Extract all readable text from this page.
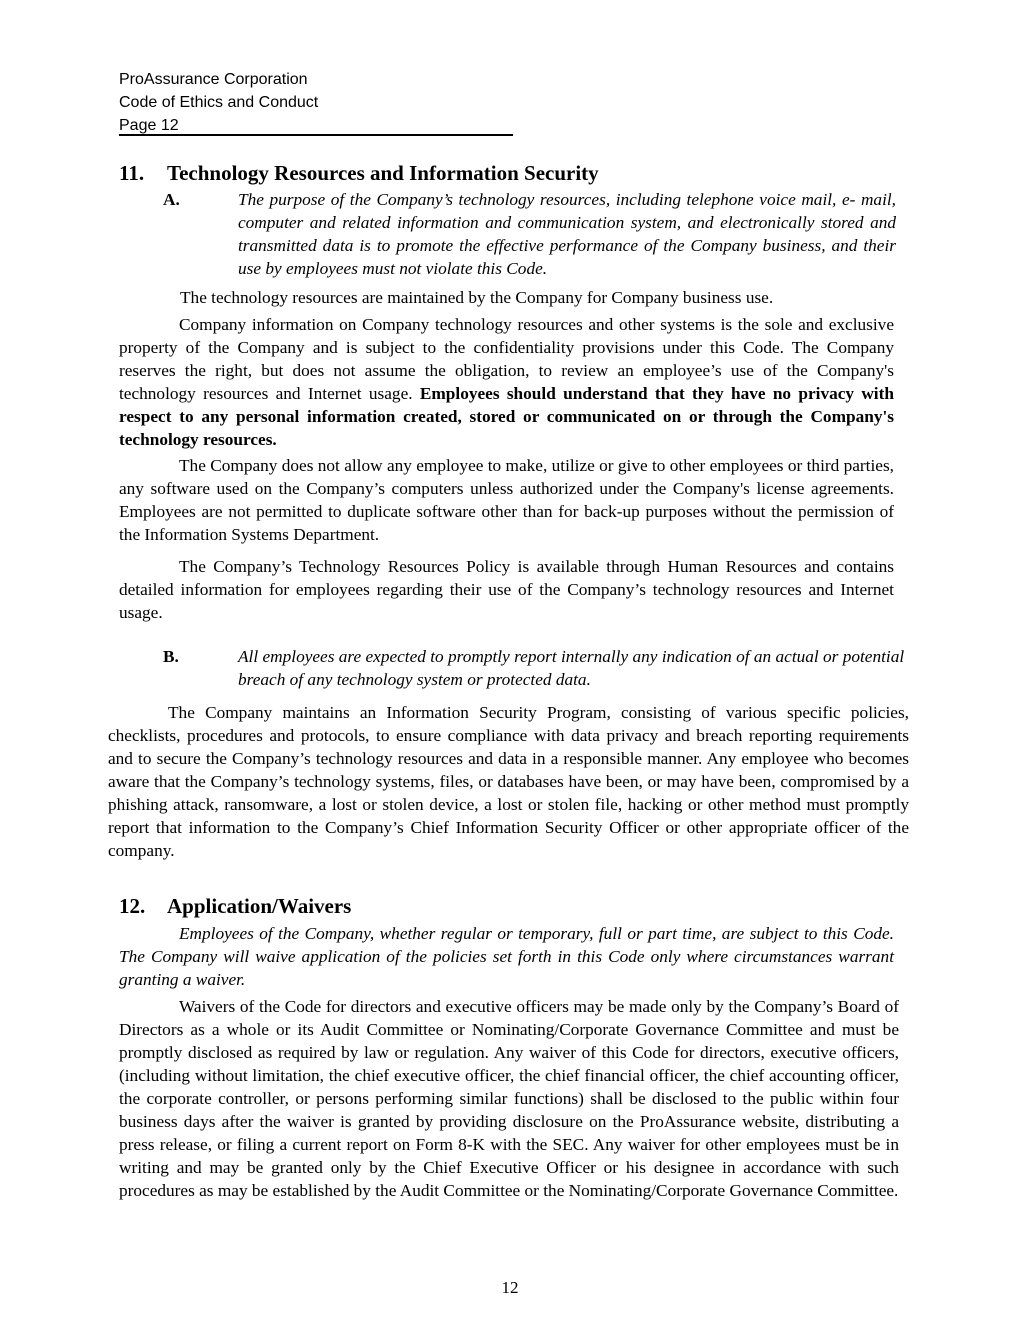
ProAssurance Corporation
Code of Ethics and Conduct
Page 12
11. Technology Resources and Information Security
A.	The purpose of the Company’s technology resources, including telephone voice mail, e- mail, computer and related information and communication system, and electronically stored and transmitted data is to promote the effective performance of the Company business, and their use by employees must not violate this Code.
The technology resources are maintained by the Company for Company business use.
Company information on Company technology resources and other systems is the sole and exclusive property of the Company and is subject to the confidentiality provisions under this Code. The Company reserves the right, but does not assume the obligation, to review an employee’s use of the Company's technology resources and Internet usage. Employees should understand that they have no privacy with respect to any personal information created, stored or communicated on or through the Company's technology resources.
The Company does not allow any employee to make, utilize or give to other employees or third parties, any software used on the Company’s computers unless authorized under the Company's license agreements. Employees are not permitted to duplicate software other than for back-up purposes without the permission of the Information Systems Department.
The Company’s Technology Resources Policy is available through Human Resources and contains detailed information for employees regarding their use of the Company’s technology resources and Internet usage.
B.	All employees are expected to promptly report internally any indication of an actual or potential breach of any technology system or protected data.
The Company maintains an Information Security Program, consisting of various specific policies, checklists, procedures and protocols, to ensure compliance with data privacy and breach reporting requirements and to secure the Company’s technology resources and data in a responsible manner. Any employee who becomes aware that the Company’s technology systems, files, or databases have been, or may have been, compromised by a phishing attack, ransomware, a lost or stolen device, a lost or stolen file, hacking or other method must promptly report that information to the Company’s Chief Information Security Officer or other appropriate officer of the company.
12. Application/Waivers
Employees of the Company, whether regular or temporary, full or part time, are subject to this Code. The Company will waive application of the policies set forth in this Code only where circumstances warrant granting a waiver.
Waivers of the Code for directors and executive officers may be made only by the Company’s Board of Directors as a whole or its Audit Committee or Nominating/Corporate Governance Committee and must be promptly disclosed as required by law or regulation. Any waiver of this Code for directors, executive officers, (including without limitation, the chief executive officer, the chief financial officer, the chief accounting officer, the corporate controller, or persons performing similar functions) shall be disclosed to the public within four business days after the waiver is granted by providing disclosure on the ProAssurance website, distributing a press release, or filing a current report on Form 8-K with the SEC. Any waiver for other employees must be in writing and may be granted only by the Chief Executive Officer or his designee in accordance with such procedures as may be established by the Audit Committee or the Nominating/Corporate Governance Committee.
12
